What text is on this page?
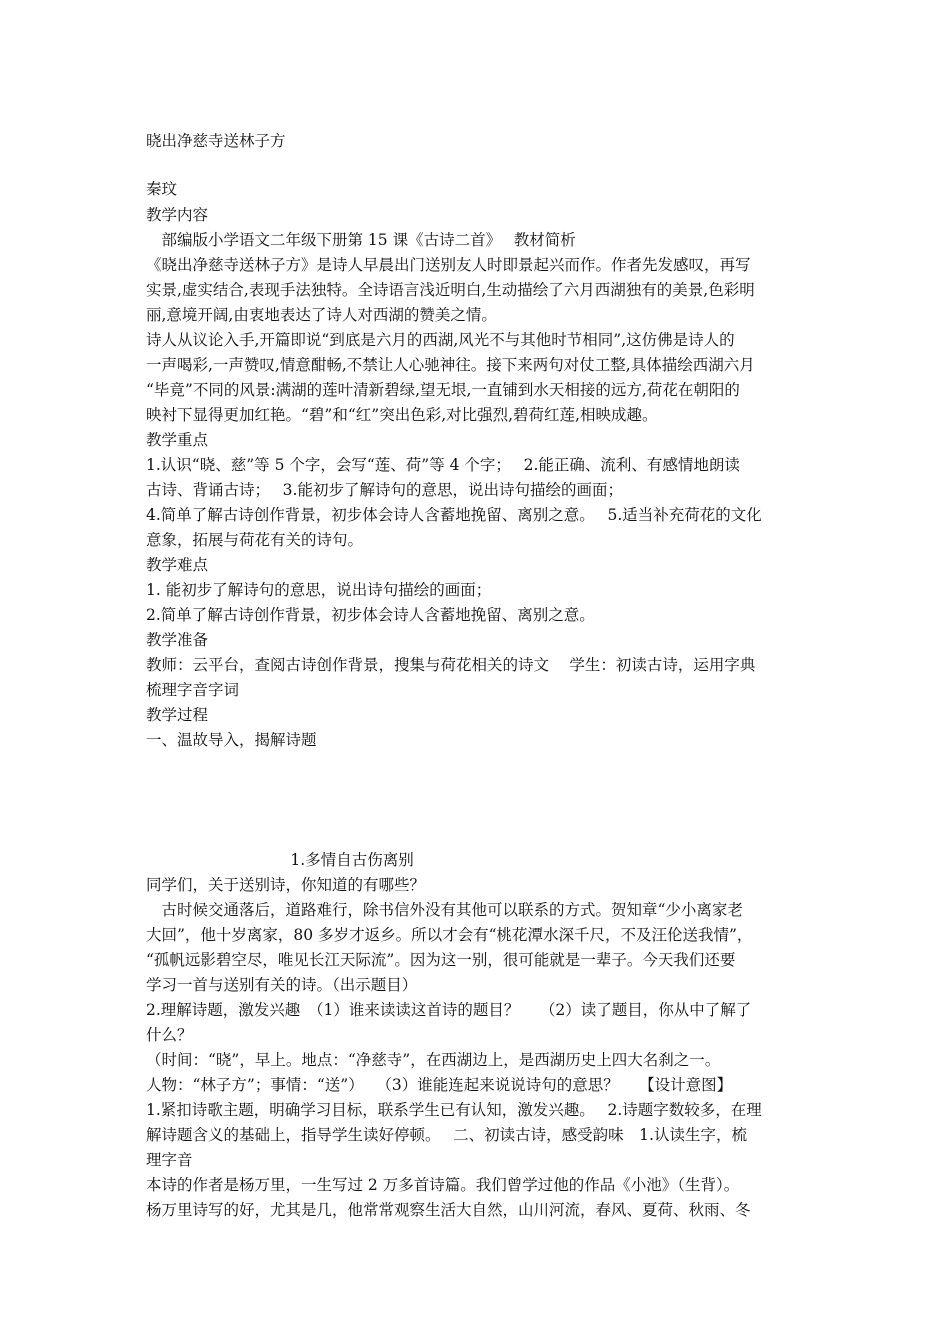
晓出净慈寺送林子方
秦玟
教学内容
　部编版小学语文二年级下册第 15 课《古诗二首》　 教材简析
《晓出净慈寺送林子方》是诗人早晨出门送别友人时即景起兴而作。作者先发感叹，再写
实景,虚实结合,表现手法独特。全诗语言浅近明白,生动描绘了六月西湖独有的美景,色彩明
丽,意境开阔,由衷地表达了诗人对西湖的赞美之情。
诗人从议论入手,开篇即说“到底是六月的西湖,风光不与其他时节相同”,这仿佛是诗人的
一声喝彩,一声赞叹,情意酣畅,不禁让人心驰神往。接下来两句对仗工整,具体描绘西湖六月
“毕竟”不同的风景:满湖的莲叶清新碧绿,望无垠,一直铺到水天相接的远方,荷花在朝阳的
映衬下显得更加红艳。“碧”和“红”突出色彩,对比强烈,碧荷红莲,相映成趣。
教学重点
1.认识“晓、慈”等 5 个字，会写“莲、荷”等 4 个字；　 2.能正确、流利、有感情地朗读
古诗、背诵古诗；　 3.能初步了解诗句的意思，说出诗句描绘的画面；
4.简单了解古诗创作背景，初步体会诗人含蓄地挽留、离别之意。　 5.适当补充荷花的文化
意象，拓展与荷花有关的诗句。
教学难点
1. 能初步了解诗句的意思，说出诗句描绘的画面；
2.简单了解古诗创作背景，初步体会诗人含蓄地挽留、离别之意。
教学准备
教师：云平台，查阅古诗创作背景，搜集与荷花相关的诗文　 学生：初读古诗，运用字典
梳理字音字词
教学过程
一、温故导入，揭解诗题
　　　　　　　　　 1.多情自古伤离别
同学们，关于送别诗，你知道的有哪些？
　古时候交通落后，道路难行，除书信外没有其他可以联系的方式。贺知章“少小离家老
大回”，他十岁离家，80 多岁才返乡。所以才会有“桃花潭水深千尺，不及汪伦送我情”，
“孤帆远影碧空尽，唯见长江天际流”。因为这一别，很可能就是一辈子。今天我们还要
学习一首与送别有关的诗。（出示题目）
2.理解诗题，激发兴趣　（1）谁来读读这首诗的题目？　 （2）读了题目，你从中了解了
什么？
（时间：“晓”，早上。地点：“净慈寺”，在西湖边上，是西湖历史上四大名刹之一。
人物：“林子方”；事情：“送”）　 （3）谁能连起来说说诗句的意思？　 【设计意图】
1.紧扣诗歌主题，明确学习目标，联系学生已有认知，激发兴趣。　 2.诗题字数较多，在理
解诗题含义的基础上，指导学生读好停顿。　 二、初读古诗，感受韵味　1.认读生字，梳
理字音
本诗的作者是杨万里，一生写过 2 万多首诗篇。我们曾学过他的作品《小池》（生背）。
杨万里诗写的好，尤其是几，他常常观察生活大自然，山川河流，春风、夏荷、秋雨、冬
